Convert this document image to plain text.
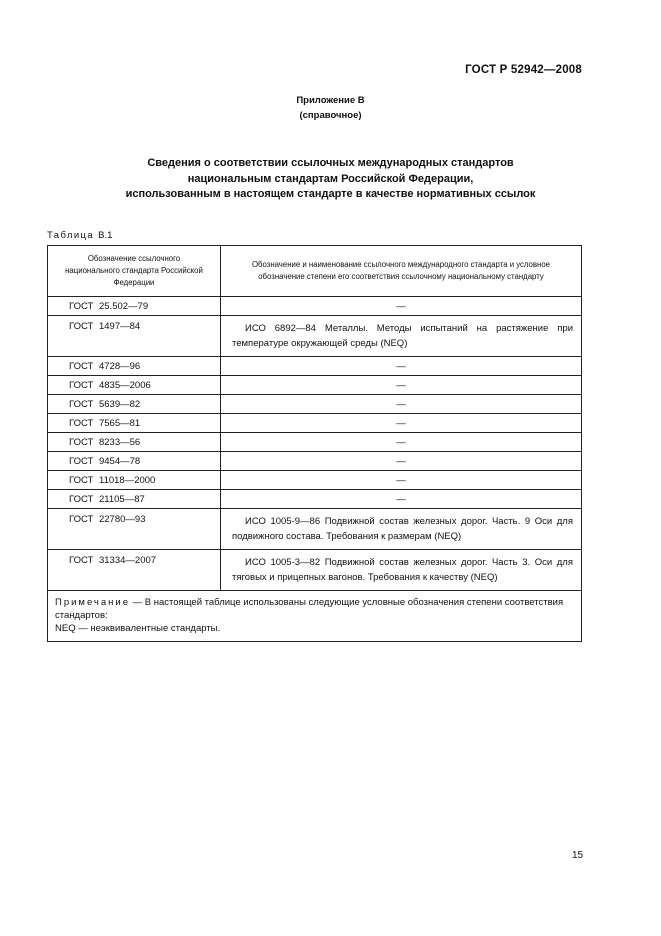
ГОСТ Р 52942—2008
Приложение В
(справочное)
Сведения о соответствии ссылочных международных стандартов
национальным стандартам Российской Федерации,
использованным в настоящем стандарте в качестве нормативных ссылок
Таблица В.1
Обозначение ссылочного национального стандарта Российской Федерации	Обозначение и наименование ссылочного международного стандарта и условное обозначение степени его соответствия ссылочному национальному стандарту
ГОСТ 25.502—79	—
ГОСТ 1497—84	ИСО 6892—84 Металлы. Методы испытаний на растяжение при температуре окружающей среды (NEQ)
ГОСТ 4728—96	—
ГОСТ 4835—2006	—
ГОСТ 5639—82	—
ГОСТ 7565—81	—
ГОСТ 8233—56	—
ГОСТ 9454—78	—
ГОСТ 11018—2000	—
ГОСТ 21105—87	—
ГОСТ 22780—93	ИСО 1005-9—86 Подвижной состав железных дорог. Часть. 9 Оси для подвижного состава. Требования к размерам (NEQ)
ГОСТ 31334—2007	ИСО 1005-3—82 Подвижной состав железных дорог. Часть 3. Оси для тяговых и прицепных вагонов. Требования к качеству (NEQ)
Примечание — В настоящей таблице использованы следующие условные обозначения степени соответствия стандартов:
NEQ — неэквивалентные стандарты.	
15
